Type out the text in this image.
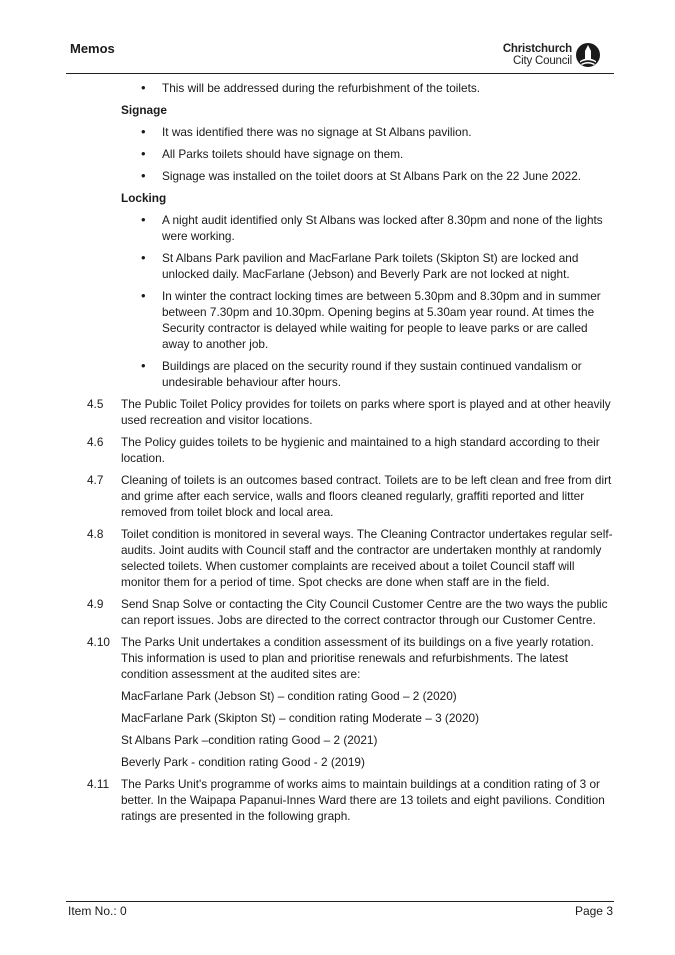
Memos	Christchurch
City Council
• This will be addressed during the refurbishment of the toilets.
Signage
• It was identified there was no signage at St Albans pavilion.
• All Parks toilets should have signage on them.
• Signage was installed on the toilet doors at St Albans Park on the 22 June 2022.
Locking
• A night audit identified only St Albans was locked after 8.30pm and none of the lights were working.
• St Albans Park pavilion and MacFarlane Park toilets (Skipton St) are locked and unlocked daily. MacFarlane (Jebson) and Beverly Park are not locked at night.
• In winter the contract locking times are between 5.30pm and 8.30pm and in summer between 7.30pm and 10.30pm. Opening begins at 5.30am year round. At times the Security contractor is delayed while waiting for people to leave parks or are called away to another job.
• Buildings are placed on the security round if they sustain continued vandalism or undesirable behaviour after hours.
4.5	The Public Toilet Policy provides for toilets on parks where sport is played and at other heavily used recreation and visitor locations.
4.6	The Policy guides toilets to be hygienic and maintained to a high standard according to their location.
4.7	Cleaning of toilets is an outcomes based contract. Toilets are to be left clean and free from dirt and grime after each service, walls and floors cleaned regularly, graffiti reported and litter removed from toilet block and local area.
4.8	Toilet condition is monitored in several ways. The Cleaning Contractor undertakes regular self-audits. Joint audits with Council staff and the contractor are undertaken monthly at randomly selected toilets. When customer complaints are received about a toilet Council staff will monitor them for a period of time. Spot checks are done when staff are in the field.
4.9	Send Snap Solve or contacting the City Council Customer Centre are the two ways the public can report issues. Jobs are directed to the correct contractor through our Customer Centre.
4.10 The Parks Unit undertakes a condition assessment of its buildings on a five yearly rotation. This information is used to plan and prioritise renewals and refurbishments. The latest condition assessment at the audited sites are:
MacFarlane Park (Jebson St) – condition rating Good – 2 (2020)
MacFarlane Park (Skipton St) – condition rating Moderate – 3 (2020)
St Albans Park –condition rating Good – 2 (2021)
Beverly Park - condition rating Good - 2 (2019)
4.11	The Parks Unit's programme of works aims to maintain buildings at a condition rating of 3 or better. In the Waipapa Papanui-Innes Ward there are 13 toilets and eight pavilions. Condition ratings are presented in the following graph.
Item No.: 0	Page 3
